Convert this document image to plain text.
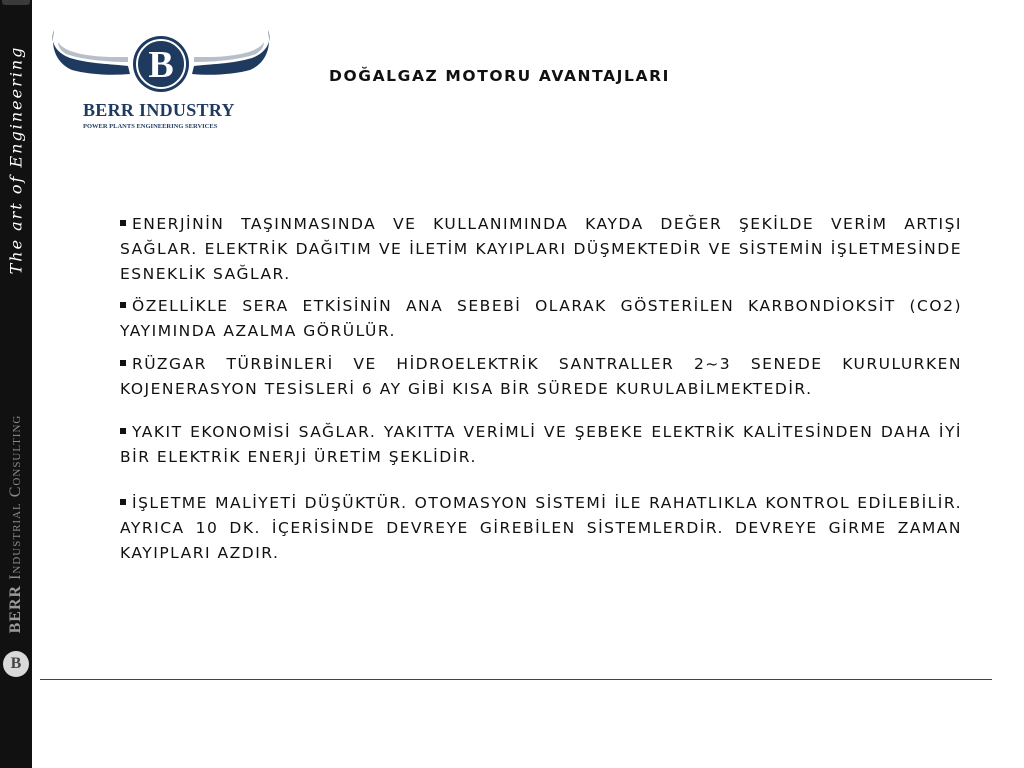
The art of Engineering
BERR Industrial Consulting
B
B
BERR INDUSTRY
POWER PLANTS ENGINEERING SERVICES
DOĞALGAZ MOTORU AVANTAJLARI

ENERJİNİN TAŞINMASINDA VE KULLANIMINDA KAYDA DEĞER ŞEKİLDE VERİM ARTIŞI SAĞLAR. ELEKTRİK DAĞITIM VE İLETİM KAYIPLARI DÜŞMEKTEDİR VE SİSTEMİN İŞLETMESİNDE ESNEKLİK SAĞLAR.

ÖZELLİKLE SERA ETKİSİNİN ANA SEBEBİ OLARAK GÖSTERİLEN KARBONDİOKSİT (CO2) YAYIMINDA AZALMA GÖRÜLÜR.

RÜZGAR TÜRBİNLERİ VE HİDROELEKTRİK SANTRALLER 2~3 SENEDE KURULURKEN KOJENERASYON TESİSLERİ 6 AY GİBİ KISA BİR SÜREDE KURULABİLMEKTEDİR.

YAKIT EKONOMİSİ SAĞLAR. YAKITTA VERİMLİ VE ŞEBEKE ELEKTRİK KALİTESİNDEN DAHA İYİ BİR ELEKTRİK ENERJİ ÜRETİM ŞEKLİDİR.

İŞLETME MALİYETİ DÜŞÜKTÜR. OTOMASYON SİSTEMİ İLE RAHATLIKLA KONTROL EDİLEBİLİR. AYRICA 10 DK. İÇERİSİNDE DEVREYE GİREBİLEN SİSTEMLERDİR. DEVREYE GİRME ZAMAN KAYIPLARI AZDIR.
